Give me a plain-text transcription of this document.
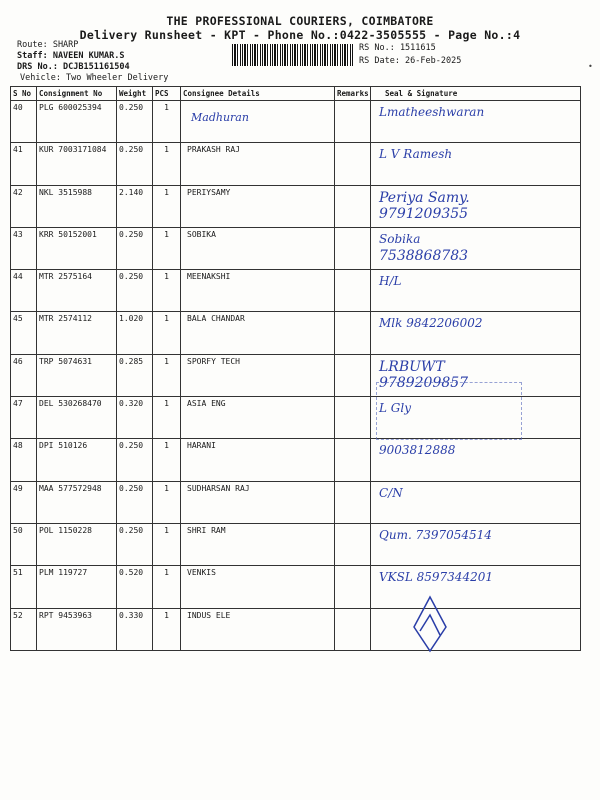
THE PROFESSIONAL COURIERS, COIMBATORE
Delivery Runsheet - KPT - Phone No.:0422-3505555 - Page No.:4
Route: SHARP
Staff: NAVEEN KUMAR.S
DRS No.: DCJB151161504
Vehicle: Two Wheeler Delivery
RS No.: 1511615
RS Date: 26-Feb-2025
•
S No	Consignment No	Weight	PCS	Consignee Details	Remarks	Seal & Signature
40	PLG 600025394	0.250	1	Madhuran		Lmatheeshwaran

41	KUR 7003171084	0.250	1	PRAKASH RAJ		L V Ramesh

42	NKL 3515988	2.140	1	PERIYSAMY		Periya Samy.
9791209355

43	KRR 50152001	0.250	1	SOBIKA		Sobika
7538868783

44	MTR 2575164	0.250	1	MEENAKSHI		H/L

45	MTR 2574112	1.020	1	BALA CHANDAR		Mlk 9842206002

46	TRP 5074631	0.285	1	SPORFY TECH		LRBUWT
9789209857

47	DEL 530268470	0.320	1	ASIA ENG		L Gly

48	DPI 510126	0.250	1	HARANI		9003812888

49	MAA 577572948	0.250	1	SUDHARSAN RAJ		C/N

50	POL 1150228	0.250	1	SHRI RAM		Qum. 7397054514

51	PLM 119727	0.520	1	VENKIS		VKSL 8597344201

52	RPT 9453963	0.330	1	INDUS ELE		
